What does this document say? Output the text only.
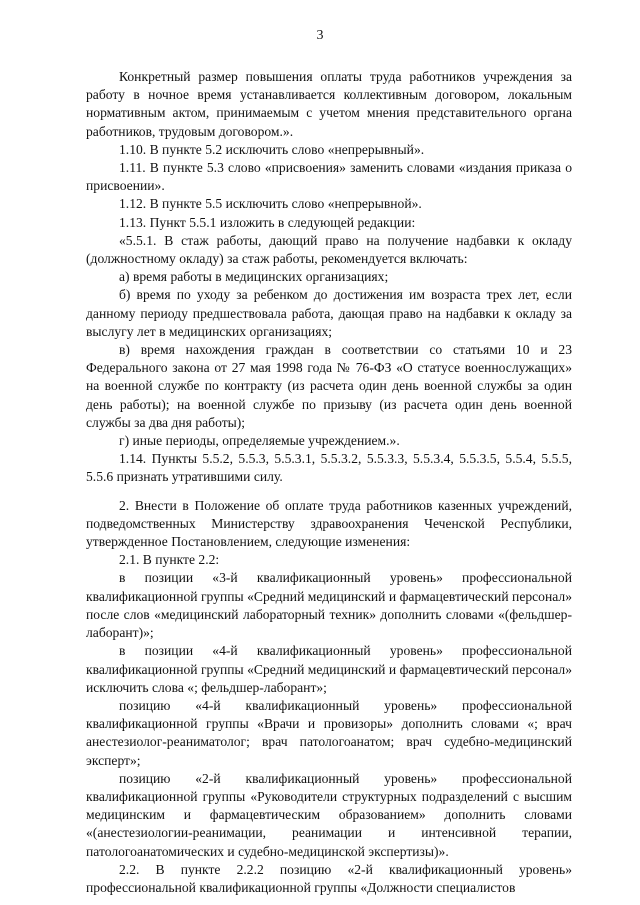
3

Конкретный размер повышения оплаты труда работников учреждения за работу в ночное время устанавливается коллективным договором, локальным нормативным актом, принимаемым с учетом мнения представительного органа работников, трудовым договором.».

1.10. В пункте 5.2 исключить слово «непрерывный».

1.11. В пункте 5.3 слово «присвоения» заменить словами «издания приказа о присвоении».

1.12. В пункте 5.5 исключить слово «непрерывной».

1.13. Пункт 5.5.1 изложить в следующей редакции:

«5.5.1. В стаж работы, дающий право на получение надбавки к окладу (должностному окладу) за стаж работы, рекомендуется включать:

а) время работы в медицинских организациях;

б) время по уходу за ребенком до достижения им возраста трех лет, если данному периоду предшествовала работа, дающая право на надбавки к окладу за выслугу лет в медицинских организациях;

в) время нахождения граждан в соответствии со статьями 10 и 23 Федерального закона от 27 мая 1998 года № 76-ФЗ «О статусе военнослужащих» на военной службе по контракту (из расчета один день военной службы за один день работы); на военной службе по призыву (из расчета один день военной службы за два дня работы);

г) иные периоды, определяемые учреждением.».

1.14. Пункты 5.5.2, 5.5.3, 5.5.3.1, 5.5.3.2, 5.5.3.3, 5.5.3.4, 5.5.3.5, 5.5.4, 5.5.5, 5.5.6 признать утратившими силу.

2. Внести в Положение об оплате труда работников казенных учреждений, подведомственных Министерству здравоохранения Чеченской Республики, утвержденное Постановлением, следующие изменения:

2.1. В пункте 2.2:

в позиции «3-й квалификационный уровень» профессиональной квалификационной группы «Средний медицинский и фармацевтический персонал» после слов «медицинский лабораторный техник» дополнить словами «(фельдшер-лаборант)»;

в позиции «4-й квалификационный уровень» профессиональной квалификационной группы «Средний медицинский и фармацевтический персонал» исключить слова «; фельдшер-лаборант»;

позицию «4-й квалификационный уровень» профессиональной квалификационной группы «Врачи и провизоры» дополнить словами «; врач анестезиолог-реаниматолог; врач патологоанатом; врач судебно-медицинский эксперт»;

позицию «2-й квалификационный уровень» профессиональной квалификационной группы «Руководители структурных подразделений с высшим медицинским и фармацевтическим образованием» дополнить словами «(анестезиологии-реанимации, реанимации и интенсивной терапии, патологоанатомических и судебно-медицинской экспертизы)».

2.2. В пункте 2.2.2 позицию «2-й квалификационный уровень» профессиональной квалификационной группы «Должности специалистов
